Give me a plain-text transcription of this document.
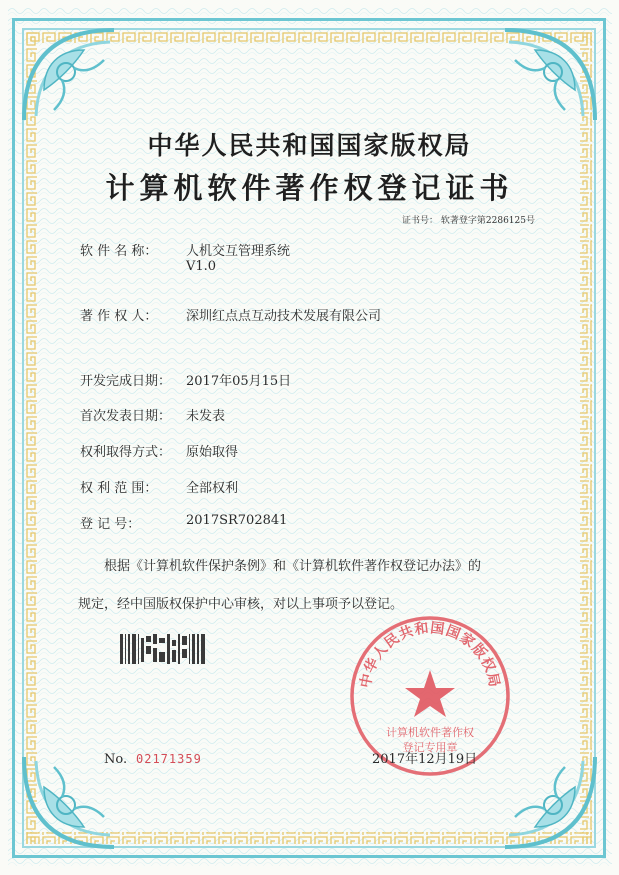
中华人民共和国国家版权局
计算机软件著作权登记证书
证书号： 软著登字第2286125号
软 件 名 称： 人机交互管理系统
V1.0
著 作 权 人： 深圳红点点互动技术发展有限公司
开发完成日期： 2017年05月15日
首次发表日期： 未发表
权利取得方式： 原始取得
权 利 范 围： 全部权利
登 记 号：	2017SR702841
根据《计算机软件保护条例》和《计算机软件著作权登记办法》的
规定，经中国版权保护中心审核，对以上事项予以登记。
No. 02171359
中华人民共和国国家版权局
计算机软件著作权
登记专用章
2017年12月19日
